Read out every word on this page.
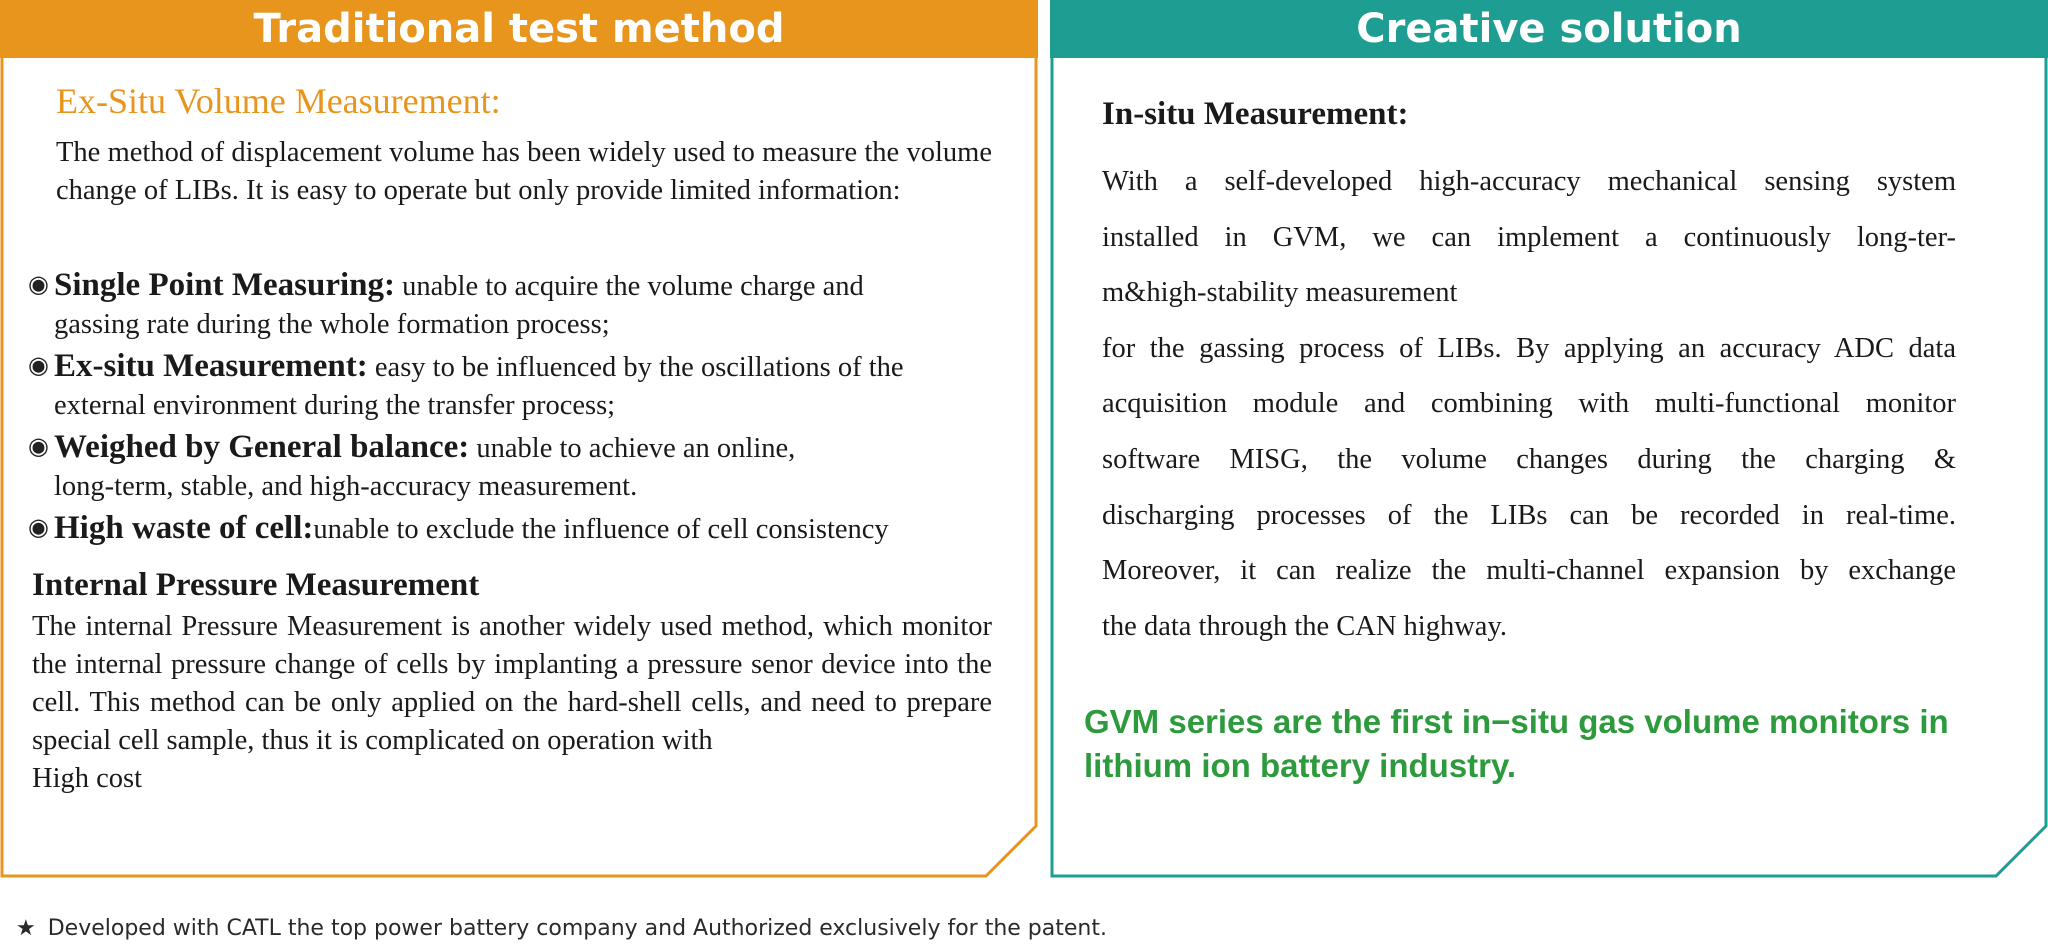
Traditional test method
Ex-Situ Volume Measurement:
The method of displacement volume has been widely used to measure the volume change of LIBs. It is easy to operate but only provide limited information:
◉ Single Point Measuring: unable to acquire the volume charge and
gassing rate during the whole formation process;
◉ Ex-situ Measurement: easy to be influenced by the oscillations of the
external environment during the transfer process;
◉ Weighed by General balance: unable to achieve an online,
long-term, stable, and high-accuracy measurement.
◉ High waste of cell:unable to exclude the influence of cell consistency
Internal Pressure Measurement
The internal Pressure Measurement is another widely used method, which monitor the internal pressure change of cells by implanting a pressure senor device into the cell. This method can be only applied on the hard-shell cells, and need to prepare special cell sample, thus it is complicated on operation with
High cost
Creative solution
In-situ Measurement:
With a self-developed high-accuracy mechanical sensing system
installed in GVM, we can implement a continuously long-ter-
m&high-stability measurement
for the gassing process of LIBs. By applying an accuracy ADC data
acquisition module and combining with multi-functional monitor
software MISG, the volume changes during the charging &
discharging processes of the LIBs can be recorded in real-time.
Moreover, it can realize the multi-channel expansion by exchange
the data through the CAN highway.
GVM series are the first in−situ gas volume monitors in lithium ion battery industry.
★ Developed with CATL the top power battery company and Authorized exclusively for the patent.
